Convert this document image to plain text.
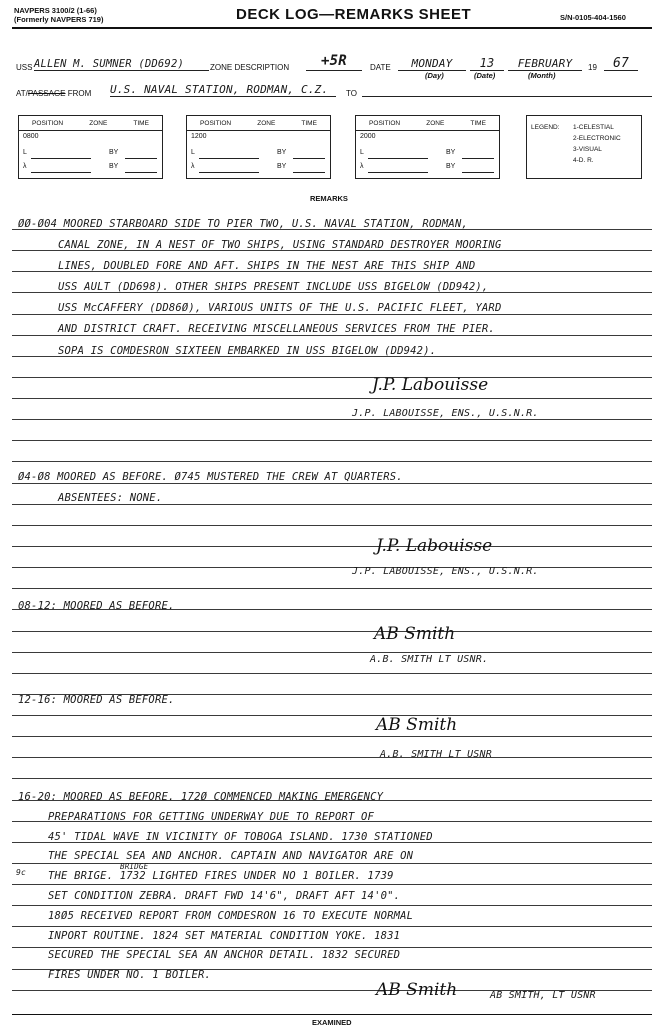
NAVPERS 3100/2 (1-66)
(Formerly NAVPERS 719)	DECK LOG—REMARKS SHEET	S/N-0105-404-1560
USS ALLEN M. SUMNER (DD692)	ZONE DESCRIPTION	+5R	DATE	MONDAY	13	FEBRUARY	19	67
(Day)	(Date)	(Month)
AT/PASSAGE FROM U.S. NAVAL STATION, RODMAN, C.Z.	TO
POSITION	ZONE	TIME
0800
L	BY
λ	BY
POSITION	ZONE	TIME
1200
L	BY
λ	BY
POSITION	ZONE	TIME
2000
L	BY
λ	BY
LEGEND: 1-CELESTIAL
2-ELECTRONIC
3-VISUAL
4-D. R.
REMARKS
ØØ-Ø04 MOORED STARBOARD SIDE TO PIER TWO, U.S. NAVAL STATION, RODMAN,
CANAL ZONE, IN A NEST OF TWO SHIPS, USING STANDARD DESTROYER MOORING
LINES, DOUBLED FORE AND AFT. SHIPS IN THE NEST ARE THIS SHIP AND
USS AULT (DD698). OTHER SHIPS PRESENT INCLUDE USS BIGELOW (DD942),
USS McCAFFERY (DD86Ø), VARIOUS UNITS OF THE U.S. PACIFIC FLEET, YARD
AND DISTRICT CRAFT. RECEIVING MISCELLANEOUS SERVICES FROM THE PIER.
SOPA IS COMDESRON SIXTEEN EMBARKED IN USS BIGELOW (DD942).
J.P. Labouisse
J.P. LABOUISSE, ENS., U.S.N.R.
Ø4-Ø8 MOORED AS BEFORE. Ø745 MUSTERED THE CREW AT QUARTERS.
ABSENTEES: NONE.
J.P. Labouisse
J.P. LABOUISSE, ENS., U.S.N.R.
08-12: MOORED AS BEFORE.
AB Smith
A.B. SMITH LT USNR.
12-16: MOORED AS BEFORE.
AB Smith
A.B. SMITH LT USNR
16-20: MOORED AS BEFORE. 172Ø COMMENCED MAKING EMERGENCY
PREPARATIONS FOR GETTING UNDERWAY DUE TO REPORT OF
45' TIDAL WAVE IN VICINITY OF TOBOGA ISLAND. 1730 STATIONED
THE SPECIAL SEA AND ANCHOR. CAPTAIN AND NAVIGATOR ARE ON
THE BRIGE. 1732 LIGHTED FIRES UNDER NO 1 BOILER. 1739
SET CONDITION ZEBRA. DRAFT FWD 14'6", DRAFT AFT 14'0".
18Ø5 RECEIVED REPORT FROM COMDESRON 16 TO EXECUTE NORMAL
INPORT ROUTINE. 1824 SET MATERIAL CONDITION YOKE. 1831
SECURED THE SPECIAL SEA AN ANCHOR DETAIL. 1832 SECURED
FIRES UNDER NO. 1 BOILER.
BRIDGE
9c
AB Smith	AB SMITH, LT USNR
EXAMINED
